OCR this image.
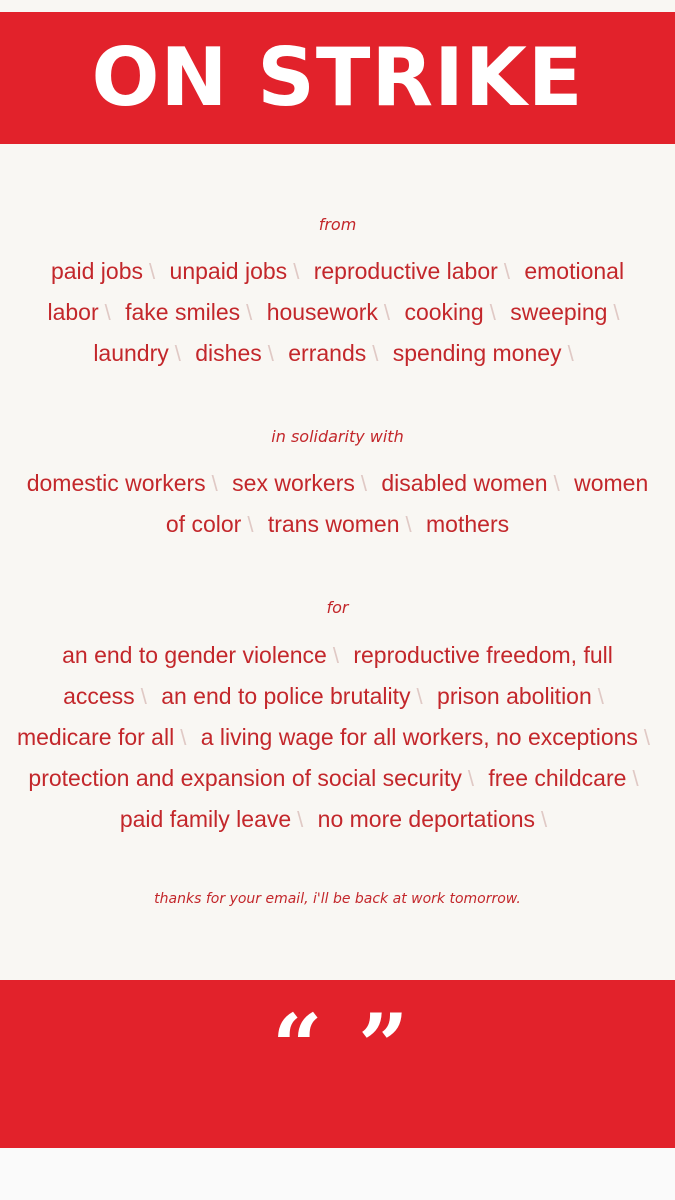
ON STRIKE

from

paid jobs \ unpaid jobs \ reproductive labor \ emotional labor \ fake smiles \ housework \ cooking \ sweeping \ laundry \ dishes \ errands \ spending money \

in solidarity with

domestic workers \ sex workers \ disabled women \ women of color \ trans women \ mothers

for

an end to gender violence \ reproductive freedom, full access \ an end to police brutality \ prison abolition \ medicare for all \ a living wage for all workers, no exceptions \ protection and expansion of social security \ free childcare \ paid family leave \ no more deportations \

thanks for your email, i'll be back at work tomorrow.

“ ”
